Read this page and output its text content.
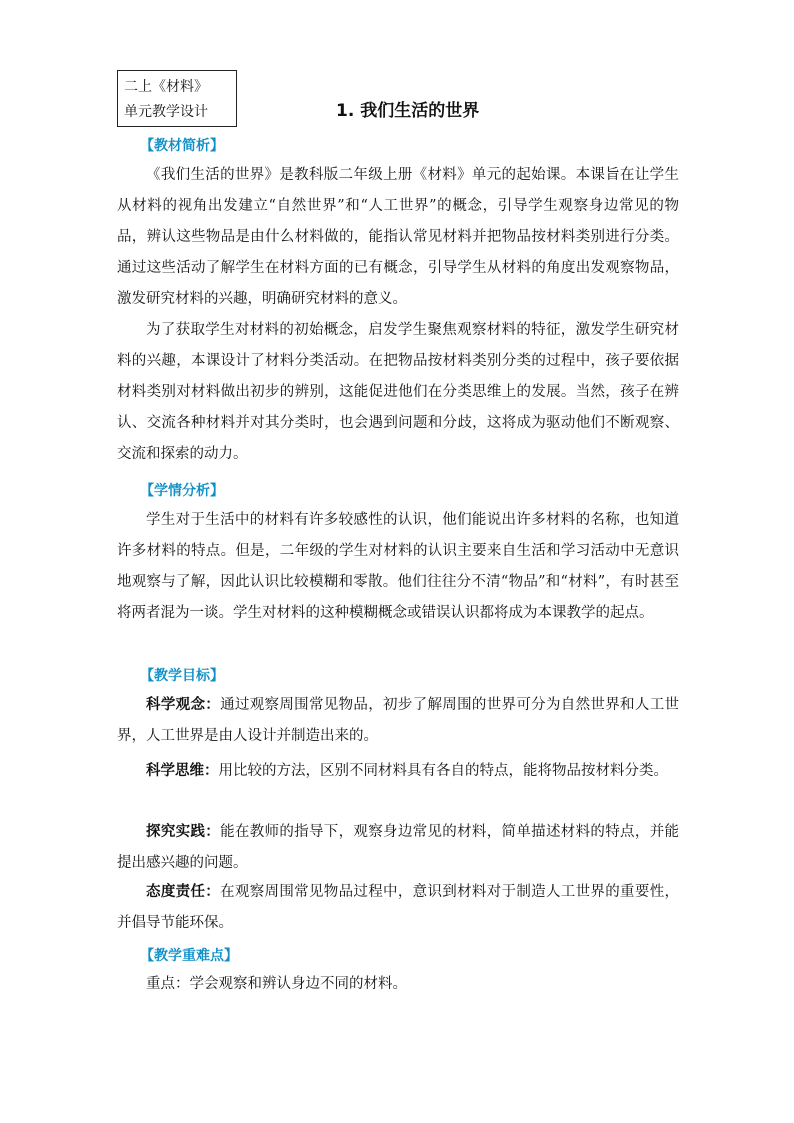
二上《材料》
单元教学设计	1. 我们生活的世界
【教材简析】

《我们生活的世界》是教科版二年级上册《材料》单元的起始课。本课旨在让学生从材料的视角出发建立“自然世界”和“人工世界”的概念，引导学生观察身边常见的物品，辨认这些物品是由什么材料做的，能指认常见材料并把物品按材料类别进行分类。通过这些活动了解学生在材料方面的已有概念，引导学生从材料的角度出发观察物品，激发研究材料的兴趣，明确研究材料的意义。

为了获取学生对材料的初始概念，启发学生聚焦观察材料的特征，激发学生研究材料的兴趣，本课设计了材料分类活动。在把物品按材料类别分类的过程中，孩子要依据材料类别对材料做出初步的辨别，这能促进他们在分类思维上的发展。当然，孩子在辨认、交流各种材料并对其分类时，也会遇到问题和分歧，这将成为驱动他们不断观察、交流和探索的动力。

【学情分析】

学生对于生活中的材料有许多较感性的认识，他们能说出许多材料的名称，也知道许多材料的特点。但是，二年级的学生对材料的认识主要来自生活和学习活动中无意识地观察与了解，因此认识比较模糊和零散。他们往往分不清“物品”和“材料”，有时甚至将两者混为一谈。学生对材料的这种模糊概念或错误认识都将成为本课教学的起点。

【教学目标】

科学观念：通过观察周围常见物品，初步了解周围的世界可分为自然世界和人工世界，人工世界是由人设计并制造出来的。

科学思维：用比较的方法，区别不同材料具有各自的特点，能将物品按材料分类。

探究实践：能在教师的指导下，观察身边常见的材料，简单描述材料的特点，并能提出感兴趣的问题。

态度责任：在观察周围常见物品过程中，意识到材料对于制造人工世界的重要性，并倡导节能环保。

【教学重难点】

重点：学会观察和辨认身边不同的材料。
